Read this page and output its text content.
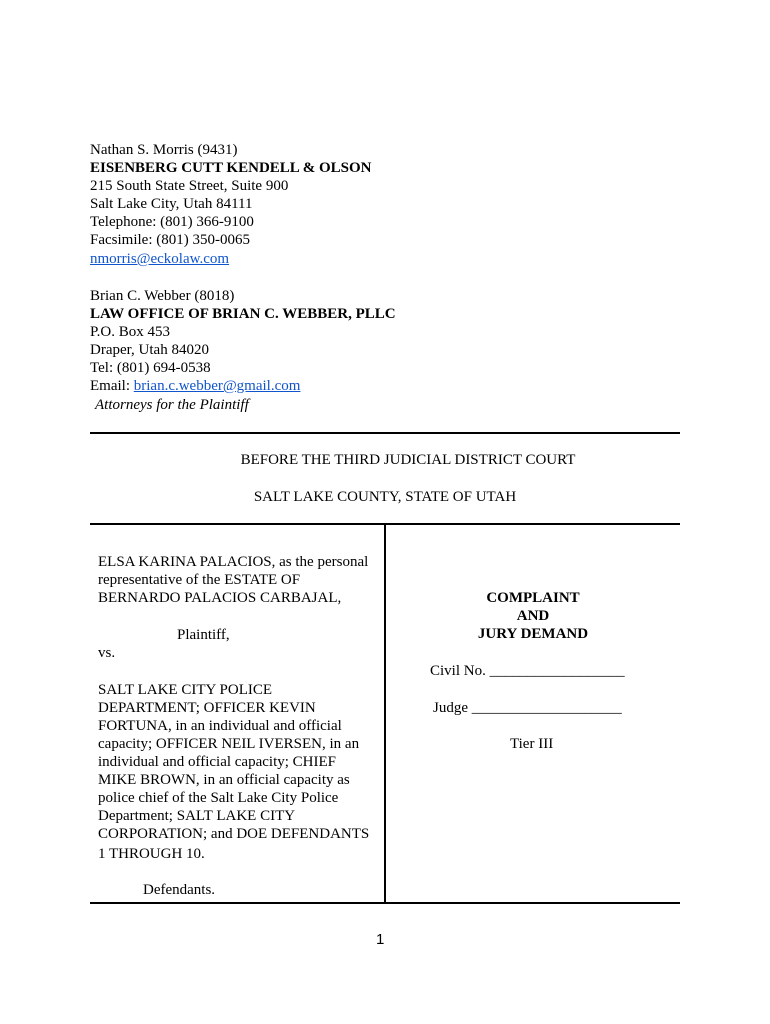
Nathan S. Morris (9431)
EISENBERG CUTT KENDELL & OLSON
215 South State Street, Suite 900
Salt Lake City, Utah 84111
Telephone: (801) 366-9100
Facsimile: (801) 350-0065
nmorris@eckolaw.com
Brian C. Webber (8018)
LAW OFFICE OF BRIAN C. WEBBER, PLLC
P.O. Box 453
Draper, Utah 84020
Tel: (801) 694-0538
Email: brian.c.webber@gmail.com
Attorneys for the Plaintiff
BEFORE THE THIRD JUDICIAL DISTRICT COURT
SALT LAKE COUNTY, STATE OF UTAH
ELSA KARINA PALACIOS, as the personal
representative of the ESTATE OF
BERNARDO PALACIOS CARBAJAL,
Plaintiff,
vs.
SALT LAKE CITY POLICE
DEPARTMENT; OFFICER KEVIN
FORTUNA, in an individual and official
capacity; OFFICER NEIL IVERSEN, in an
individual and official capacity; CHIEF
MIKE BROWN, in an official capacity as
police chief of the Salt Lake City Police
Department; SALT LAKE CITY
CORPORATION; and DOE DEFENDANTS
1 THROUGH 10.
Defendants.
COMPLAINT
AND
JURY DEMAND
Civil No. __________________
Judge ____________________
Tier III
1
